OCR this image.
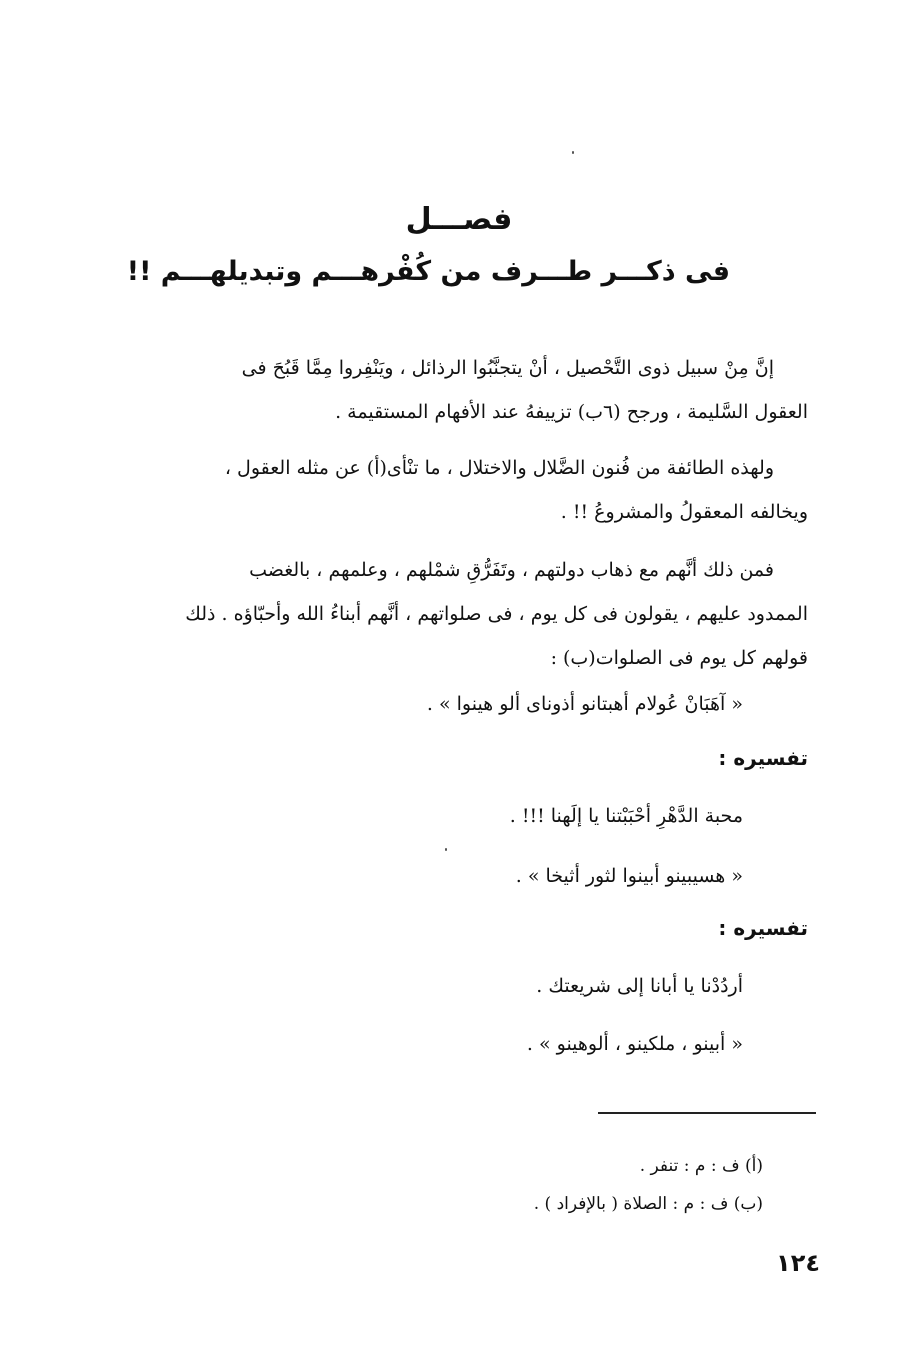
فصـــل
فى ذكـــر طـــرف من كُفْرهـــم وتبديلهـــم !!
إنَّ مِنْ سبيل ذوى التَّحْصيل ، أنْ يتجنَّبُوا الرذائل ، ويَنْفِروا مِمَّا قَبُحَ فى
العقول السَّليمة ، ورجح (٦ب) تزييفهُ عند الأفهام المستقيمة .
ولهذه الطائفة من فُنون الضَّلال والاختلال ، ما تنْأى(أ) عن مثله العقول ،
ويخالفه المعقولُ والمشروعُ !! .
فمن ذلك أنَّهم مع ذهاب دولتهم ، وتَفَرُّقِ شمْلهم ، وعلمهم ، بالغضب
الممدود عليهم ، يقولون فى كل يوم ، فى صلواتهم ، أنَّهم أبناءُ الله وأحبّاؤه . ذلك
قولهم كل يوم فى الصلوات(ب) :
« آهَبَانْ عُولام أهبتانو أذوناى ألو هينوا » .
تفسيره :
محبة الدَّهْرِ أحْبَبْتنا يا إلَهنا !!! .
« هسيبينو أبينوا لثور أثيخا » .
تفسيره :
أردُدْنا يا أبانا إلى شريعتك .
« أبينو ، ملكينو ، ألوهينو » .
(أ) ف : م : تنفر .
(ب) ف : م : الصلاة ( بالإفراد ) .
١٢٤
